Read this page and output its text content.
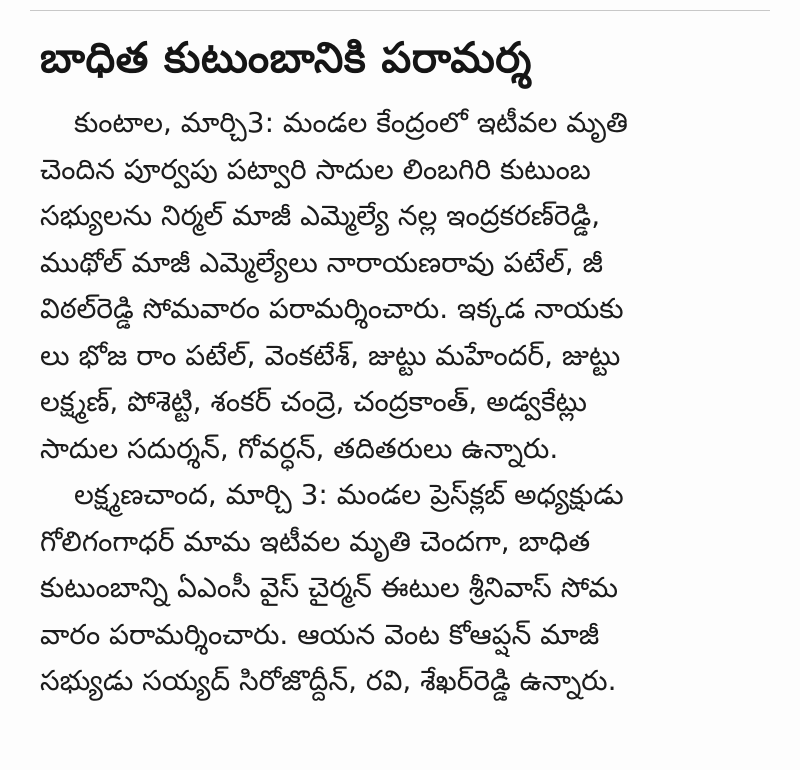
బాధిత కుటుంబానికి పరామర్శ

కుంటాల, మార్చి3: మండల కేంద్రంలో ఇటీవల మృతి
చెందిన పూర్వపు పట్వారి సాదుల లింబగిరి కుటుంబ
సభ్యులను నిర్మల్ మాజీ ఎమ్మెల్యే నల్ల ఇంద్రకరణ్‌రెడ్డి,
ముథోల్ మాజీ ఎమ్మెల్యేలు నారాయణరావు పటేల్, జీ
విఠల్‌రెడ్డి సోమవారం పరామర్శించారు. ఇక్కడ నాయకు
లు భోజ రాం పటేల్, వెంకటేశ్, జుట్టు మహేందర్, జుట్టు
లక్ష్మణ్, పోశెట్టి, శంకర్ చంద్రె, చంద్రకాంత్, అడ్వకేట్లు
సాదుల సదుర్శన్, గోవర్ధన్, తదితరులు ఉన్నారు.

లక్ష్మణచాంద, మార్చి 3: మండల ప్రెస్‌క్లబ్ అధ్యక్షుడు
గోలిగంగాధర్ మామ ఇటీవల మృతి చెందగా, బాధిత
కుటుంబాన్ని ఏఎంసీ వైస్ చైర్మన్ ఈటుల శ్రీనివాస్ సోమ
వారం పరామర్శించారు. ఆయన వెంట కోఆప్షన్ మాజీ
సభ్యుడు సయ్యద్ సిరోజొద్దీన్, రవి, శేఖర్‌రెడ్డి ఉన్నారు.
